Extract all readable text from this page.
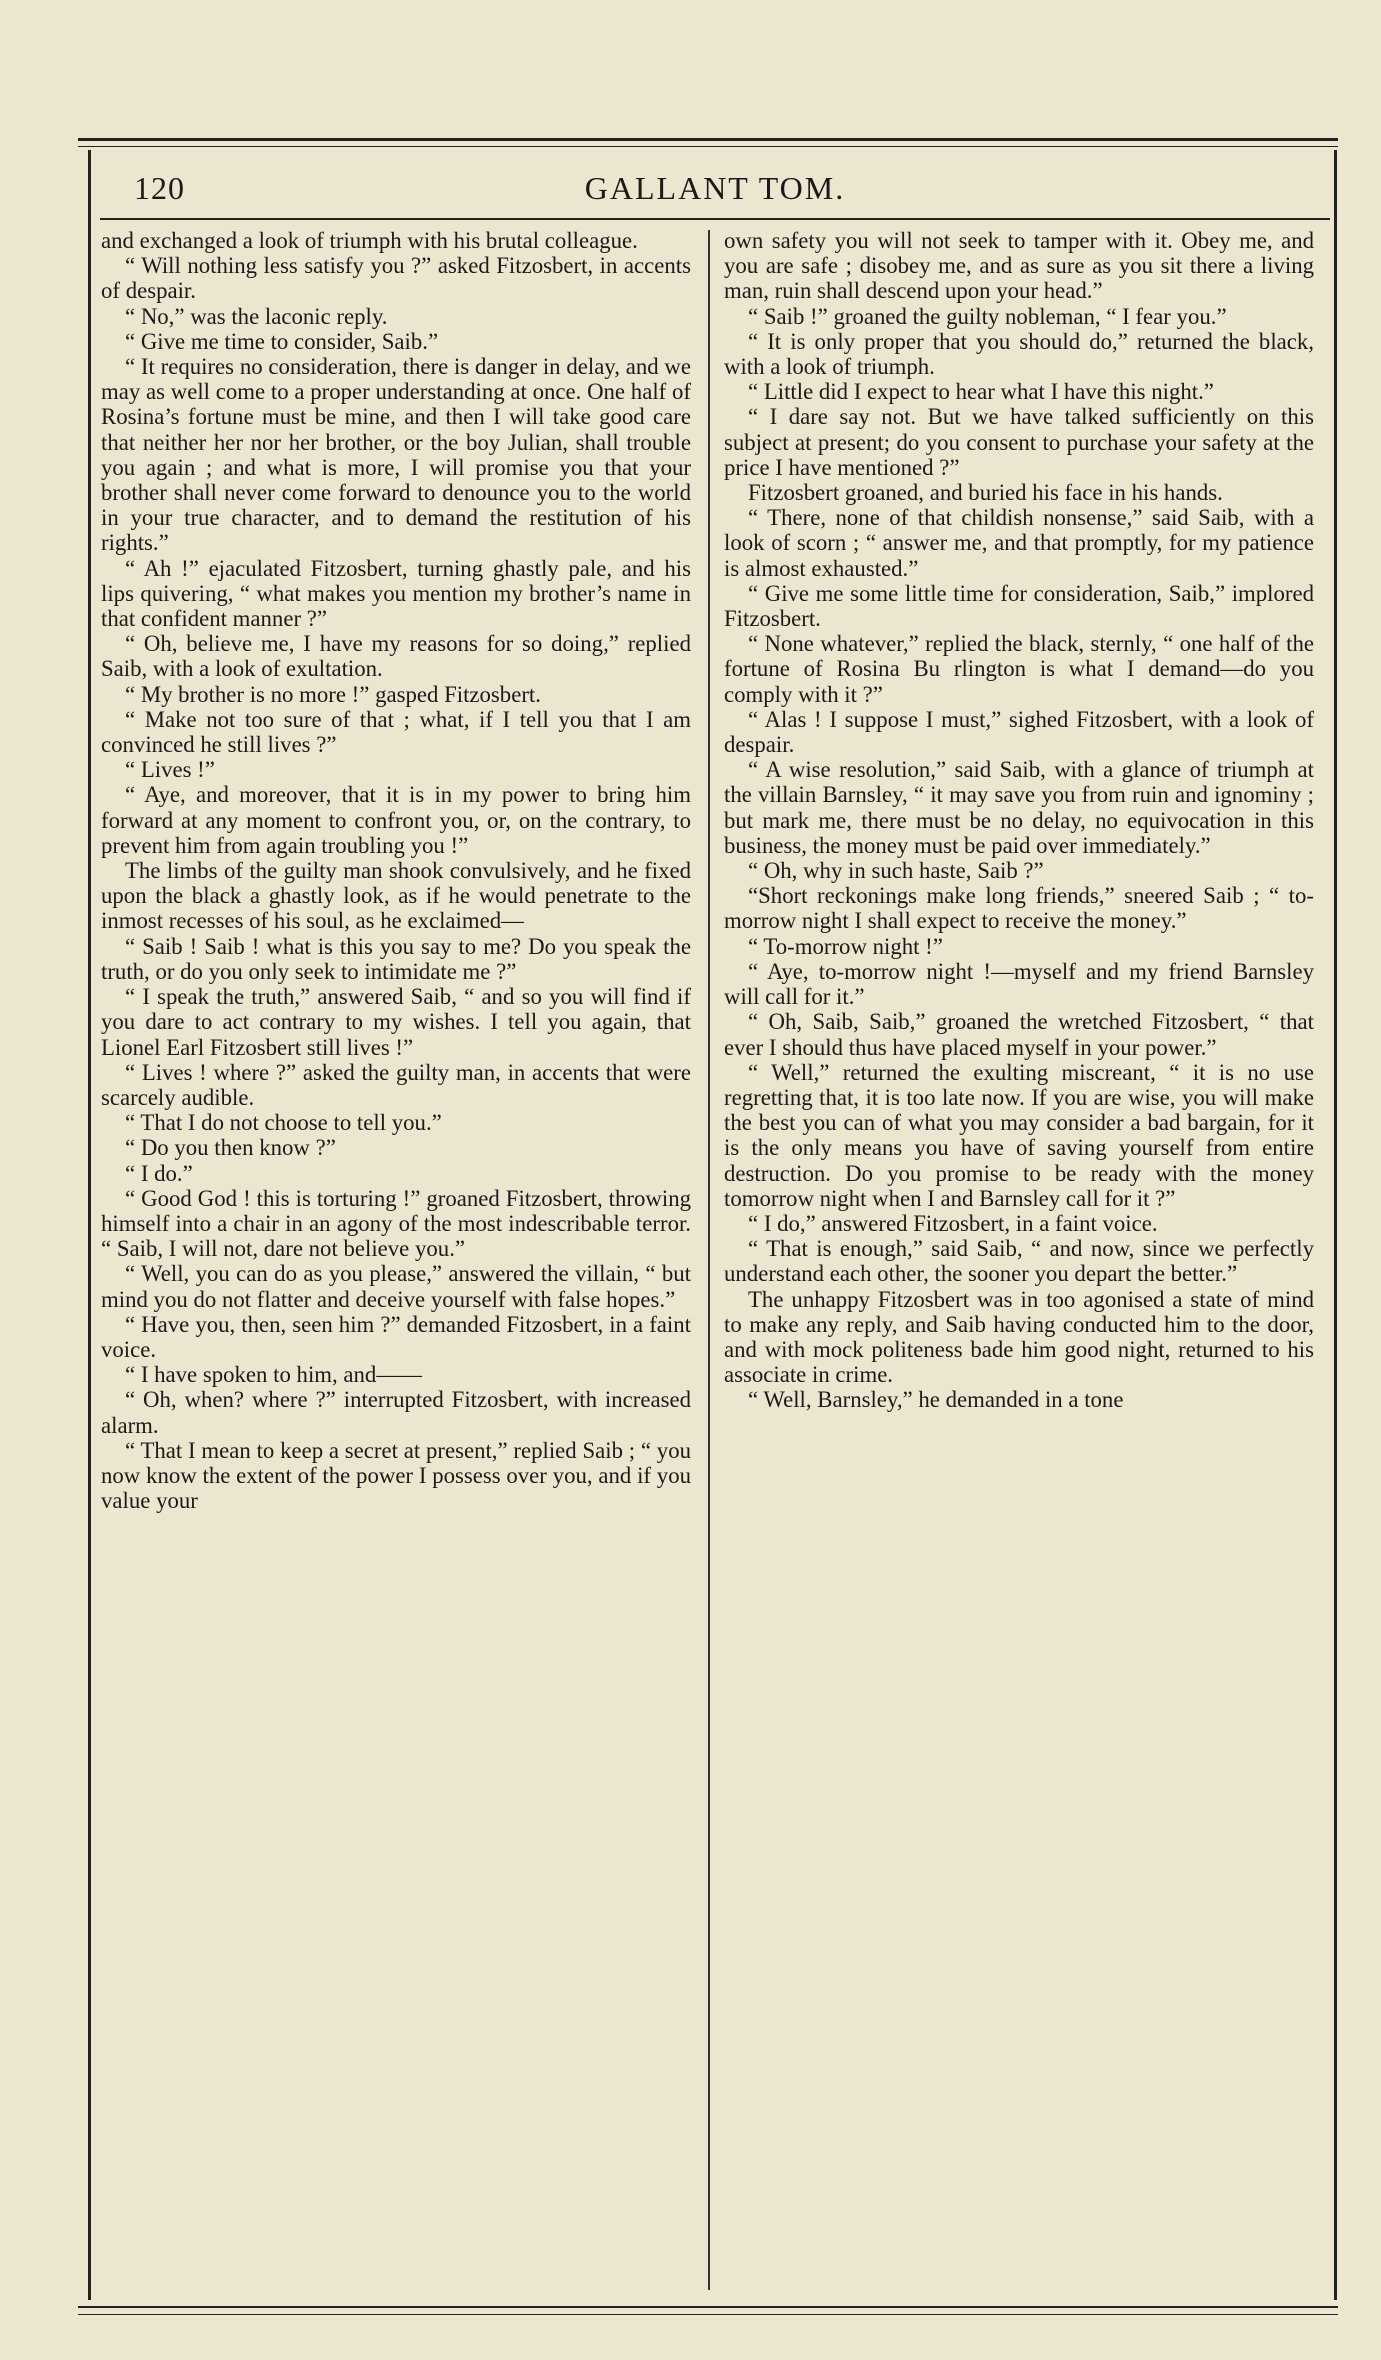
120	GALLANT TOM.

and exchanged a look of triumph with his brutal colleague.

“ Will nothing less satisfy you ?” asked Fitzosbert, in accents of despair.

“ No,” was the laconic reply.

“ Give me time to consider, Saib.”

“ It requires no consideration, there is danger in delay, and we may as well come to a proper understanding at once. One half of Rosina’s fortune must be mine, and then I will take good care that neither her nor her brother, or the boy Julian, shall trouble you again ; and what is more, I will promise you that your brother shall never come forward to denounce you to the world in your true character, and to demand the restitution of his rights.”

“ Ah !” ejaculated Fitzosbert, turning ghastly pale, and his lips quivering, “ what makes you mention my brother’s name in that confident manner ?”

“ Oh, believe me, I have my reasons for so doing,” replied Saib, with a look of exultation.

“ My brother is no more !” gasped Fitzosbert.

“ Make not too sure of that ; what, if I tell you that I am convinced he still lives ?”

“ Lives !”

“ Aye, and moreover, that it is in my power to bring him forward at any moment to confront you, or, on the contrary, to prevent him from again troubling you !”

The limbs of the guilty man shook convulsively, and he fixed upon the black a ghastly look, as if he would penetrate to the inmost recesses of his soul, as he exclaimed—

“ Saib ! Saib ! what is this you say to me? Do you speak the truth, or do you only seek to intimidate me ?”

“ I speak the truth,” answered Saib, “ and so you will find if you dare to act contrary to my wishes. I tell you again, that Lionel Earl Fitzosbert still lives !”

“ Lives ! where ?” asked the guilty man, in accents that were scarcely audible.

“ That I do not choose to tell you.”

“ Do you then know ?”

“ I do.”

“ Good God ! this is torturing !” groaned Fitzosbert, throwing himself into a chair in an agony of the most indescribable terror. “ Saib, I will not, dare not believe you.”

“ Well, you can do as you please,” answered the villain, “ but mind you do not flatter and deceive yourself with false hopes.”

“ Have you, then, seen him ?” demanded Fitzosbert, in a faint voice.

“ I have spoken to him, and——

“ Oh, when? where ?” interrupted Fitzosbert, with increased alarm.

“ That I mean to keep a secret at present,” replied Saib ; “ you now know the extent of the power I possess over you, and if you value your

own safety you will not seek to tamper with it. Obey me, and you are safe ; disobey me, and as sure as you sit there a living man, ruin shall descend upon your head.”

“ Saib !” groaned the guilty nobleman, “ I fear you.”

“ It is only proper that you should do,” returned the black, with a look of triumph.

“ Little did I expect to hear what I have this night.”

“ I dare say not. But we have talked sufficiently on this subject at present; do you consent to purchase your safety at the price I have mentioned ?”

Fitzosbert groaned, and buried his face in his hands.

“ There, none of that childish nonsense,” said Saib, with a look of scorn ; “ answer me, and that promptly, for my patience is almost exhausted.”

“ Give me some little time for consideration, Saib,” implored Fitzosbert.

“ None whatever,” replied the black, sternly, “ one half of the fortune of Rosina Bu rlington is what I demand—do you comply with it ?”

“ Alas ! I suppose I must,” sighed Fitzosbert, with a look of despair.

“ A wise resolution,” said Saib, with a glance of triumph at the villain Barnsley, “ it may save you from ruin and ignominy ; but mark me, there must be no delay, no equivocation in this business, the money must be paid over immediately.”

“ Oh, why in such haste, Saib ?”

“Short reckonings make long friends,” sneered Saib ; “ to-morrow night I shall expect to receive the money.”

“ To-morrow night !”

“ Aye, to-morrow night !—myself and my friend Barnsley will call for it.”

“ Oh, Saib, Saib,” groaned the wretched Fitzosbert, “ that ever I should thus have placed myself in your power.”

“ Well,” returned the exulting miscreant, “ it is no use regretting that, it is too late now. If you are wise, you will make the best you can of what you may consider a bad bargain, for it is the only means you have of saving yourself from entire destruction. Do you promise to be ready with the money tomorrow night when I and Barnsley call for it ?”

“ I do,” answered Fitzosbert, in a faint voice.

“ That is enough,” said Saib, “ and now, since we perfectly understand each other, the sooner you depart the better.”

The unhappy Fitzosbert was in too agonised a state of mind to make any reply, and Saib having conducted him to the door, and with mock politeness bade him good night, returned to his associate in crime.

“ Well, Barnsley,” he demanded in a tone
